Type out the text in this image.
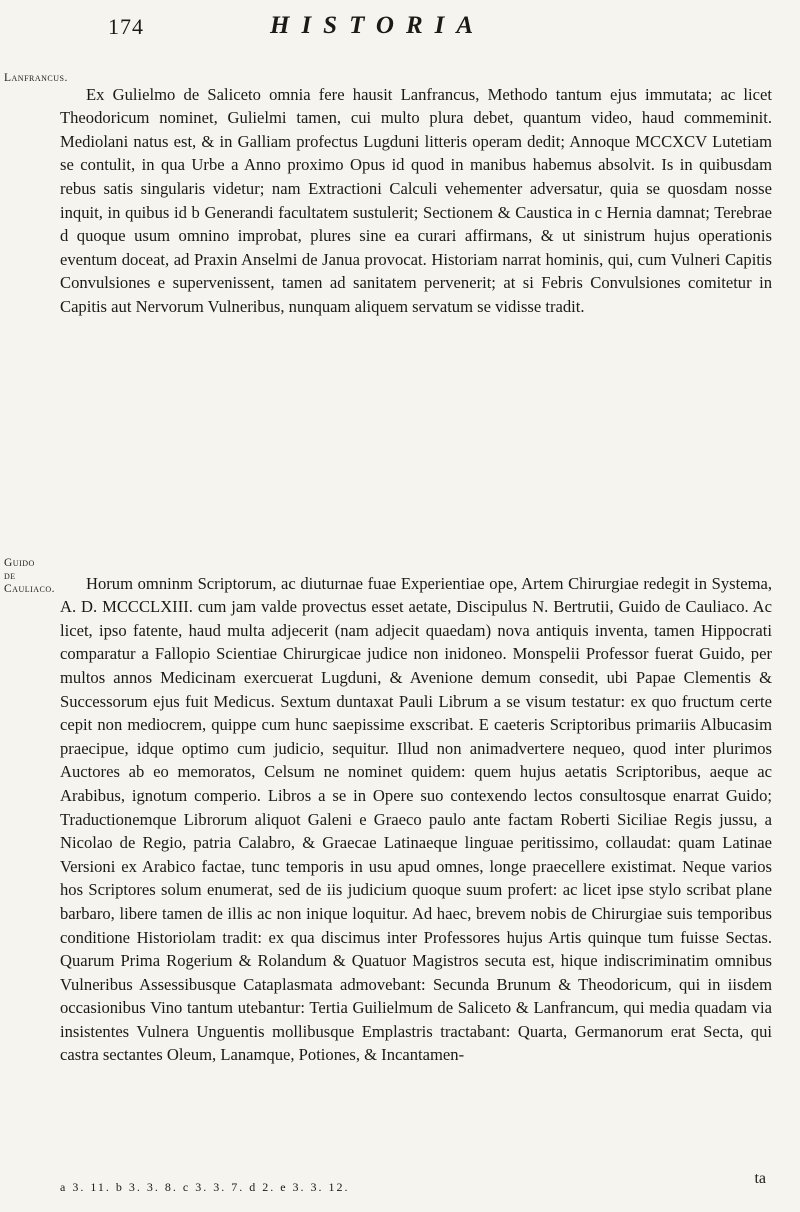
174	HISTORIA
Lanfrancus.
Guido de Cauliaco.

Ex Gulielmo de Saliceto omnia fere hausit Lanfrancus, Methodo tantum ejus immutata; ac licet Theodoricum nominet, Gulielmi tamen, cui multo plura debet, quantum video, haud commeminit. Mediolani natus est, & in Galliam profectus Lugduni litteris operam dedit; Annoque MCCXCV Lutetiam se contulit, in qua Urbe a Anno proximo Opus id quod in manibus habemus absolvit. Is in quibusdam rebus satis singularis videtur; nam Extractioni Calculi vehementer adversatur, quia se quosdam nosse inquit, in quibus id b Generandi facultatem sustulerit; Sectionem & Caustica in c Hernia damnat; Terebrae d quoque usum omnino improbat, plures sine ea curari affirmans, & ut sinistrum hujus operationis eventum doceat, ad Praxin Anselmi de Janua provocat. Historiam narrat hominis, qui, cum Vulneri Capitis Convulsiones e supervenissent, tamen ad sanitatem pervenerit; at si Febris Convulsiones comitetur in Capitis aut Nervorum Vulneribus, nunquam aliquem servatum se vidisse tradit.

Horum omninm Scriptorum, ac diuturnae fuae Experientiae ope, Artem Chirurgiae redegit in Systema, A. D. MCCCLXIII. cum jam valde provectus esset aetate, Discipulus N. Bertrutii, Guido de Cauliaco. Ac licet, ipso fatente, haud multa adjecerit (nam adjecit quaedam) nova antiquis inventa, tamen Hippocrati comparatur a Fallopio Scientiae Chirurgicae judice non inidoneo. Monspelii Professor fuerat Guido, per multos annos Medicinam exercuerat Lugduni, & Avenione demum consedit, ubi Papae Clementis & Successorum ejus fuit Medicus. Sextum duntaxat Pauli Librum a se visum testatur: ex quo fructum certe cepit non mediocrem, quippe cum hunc saepissime exscribat. E caeteris Scriptoribus primariis Albucasim praecipue, idque optimo cum judicio, sequitur. Illud non animadvertere nequeo, quod inter plurimos Auctores ab eo memoratos, Celsum ne nominet quidem: quem hujus aetatis Scriptoribus, aeque ac Arabibus, ignotum comperio. Libros a se in Opere suo contexendo lectos consultosque enarrat Guido; Traductionemque Librorum aliquot Galeni e Graeco paulo ante factam Roberti Siciliae Regis jussu, a Nicolao de Regio, patria Calabro, & Graecae Latinaeque linguae peritissimo, collaudat: quam Latinae Versioni ex Arabico factae, tunc temporis in usu apud omnes, longe praecellere existimat. Neque varios hos Scriptores solum enumerat, sed de iis judicium quoque suum profert: ac licet ipse stylo scribat plane barbaro, libere tamen de illis ac non inique loquitur. Ad haec, brevem nobis de Chirurgiae suis temporibus conditione Historiolam tradit: ex qua discimus inter Professores hujus Artis quinque tum fuisse Sectas. Quarum Prima Rogerium & Rolandum & Quatuor Magistros secuta est, hique indiscriminatim omnibus Vulneribus Assessibusque Cataplasmata admovebant: Secunda Brunum & Theodoricum, qui in iisdem occasionibus Vino tantum utebantur: Tertia Guilielmum de Saliceto & Lanfrancum, qui media quadam via insistentes Vulnera Unguentis mollibusque Emplastris tractabant: Quarta, Germanorum erat Secta, qui castra sectantes Oleum, Lanamque, Potiones, & Incantamen-

a 3. 11. b 3. 3. 8. c 3. 3. 7. d 2. e 3. 3. 12.	ta
